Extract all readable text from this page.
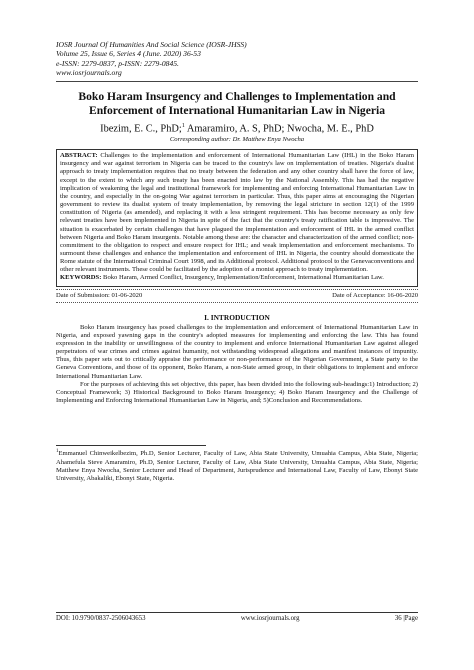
IOSR Journal Of Humanities And Social Science (IOSR-JHSS)
Volume 25, Issue 6, Series 4 (June. 2020) 36-53
e-ISSN: 2279-0837, p-ISSN: 2279-0845.
www.iosrjournals.org
Boko Haram Insurgency and Challenges to Implementation and Enforcement of International Humanitarian Law in Nigeria
Ibezim, E. C., PhD;$^1$ Amaramiro, A. S, PhD; Nwocha, M. E., PhD
Corresponding author: Dr. Matthew Enya Nwocha
ABSTRACT: Challenges to the implementation and enforcement of International Humanitarian Law (IHL) in the Boko Haram insurgency and war against terrorism in Nigeria can be traced to the country's law on implementation of treaties. Nigeria's dualist approach to treaty implementation requires that no treaty between the federation and any other country shall have the force of law, except to the extent to which any such treaty has been enacted into law by the National Assembly. This has had the negative implication of weakening the legal and institutional framework for implementing and enforcing International Humanitarian Law in the country, and especially in the on-going War against terrorism in particular. Thus, this paper aims at encouraging the Nigerian government to review its dualist system of treaty implementation, by removing the legal stricture in section 12(1) of the 1999 constitution of Nigeria (as amended), and replacing it with a less stringent requirement. This has become necessary as only few relevant treaties have been implemented in Nigeria in spite of the fact that the country's treaty ratification table is impressive. The situation is exacerbated by certain challenges that have plagued the implementation and enforcement of IHL in the armed conflict between Nigeria and Boko Haram insurgents. Notable among these are: the character and characterization of the armed conflict; non-commitment to the obligation to respect and ensure respect for IHL; and weak implementation and enforcement mechanisms. To surmount these challenges and enhance the implementation and enforcement of IHL in Nigeria, the country should domesticate the Rome statute of the International Criminal Court 1998, and its Additional protocol. Additional protocol to the Genevaconventions and other relevant instruments. These could be facilitated by the adoption of a monist approach to treaty implementation.
KEYWORDS: Boko Haram, Armed Conflict, Insurgency, Implementation/Enforcement, International Humanitarian Law.
Date of Submission: 01-06-2020	Date of Acceptance: 16-06-2020
I. INTRODUCTION

Boko Haram insurgency has posed challenges to the implementation and enforcement of International Humanitarian Law in Nigeria, and exposed yawning gaps in the country's adopted measures for implementing and enforcing the law. This has found expression in the inability or unwillingness of the country to implement and enforce International Humanitarian Law against alleged perpetrators of war crimes and crimes against humanity, not withstanding widespread allegations and manifest instances of impunity. Thus, this paper sets out to critically appraise the performance or non-performance of the Nigerian Government, a State party to the Geneva Conventions, and those of its opponent, Boko Haram, a non-State armed group, in their obligations to implement and enforce International Humanitarian Law.

For the purposes of achieving this set objective, this paper, has been divided into the following sub-headings:1) Introduction; 2) Conceptual Framework; 3) Historical Background to Boko Haram Insurgency; 4) Boko Haram Insurgency and the Challenge of Implementing and Enforcing International Humanitarian Law in Nigeria, and; 5)Conclusion and Recommendations.

$^1$Emmanuel Chinweikelbezim, Ph.D, Senior Lecturer, Faculty of Law, Abia State University, Umuahia Campus, Abia State, Nigeria; Ahamefula Steve Amaramiro, Ph.D, Senior Lecturer, Faculty of Law, Abia State University, Umuahia Campus, Abia State, Nigeria; Matthew Enya Nwocha, Senior Lecturer and Head of Department, Jurisprudence and International Law, Faculty of Law, Ebonyi State University, Abakaliki, Ebonyi State, Nigeria.
DOI: 10.9790/0837-2506043653	www.iosrjournals.org	36 |Page
